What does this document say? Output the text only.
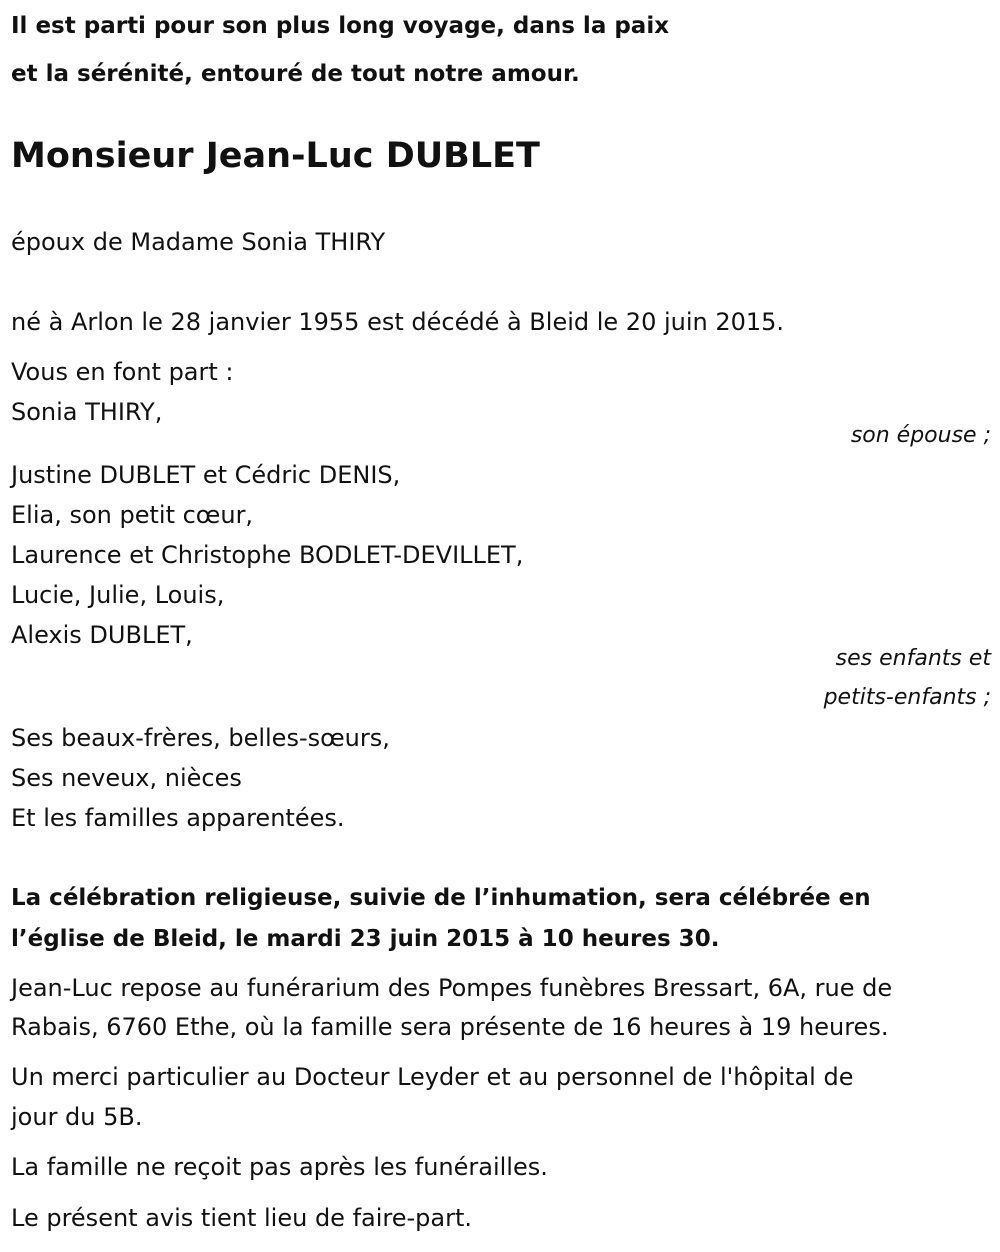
Il est parti pour son plus long voyage, dans la paix

et la sérénité, entouré de tout notre amour.

Monsieur Jean-Luc DUBLET

époux de Madame Sonia THIRY

né à Arlon le 28 janvier 1955 est décédé à Bleid le 20 juin 2015.

Vous en font part :

Sonia THIRY,

son épouse ;

Justine DUBLET et Cédric DENIS,

Elia, son petit cœur,

Laurence et Christophe BODLET-DEVILLET,

Lucie, Julie, Louis,

Alexis DUBLET,

ses enfants et

petits-enfants ;

Ses beaux-frères, belles-sœurs,

Ses neveux, nièces

Et les familles apparentées.

La célébration religieuse, suivie de l’inhumation, sera célébrée en

l’église de Bleid, le mardi 23 juin 2015 à 10 heures 30.

Jean-Luc repose au funérarium des Pompes funèbres Bressart, 6A, rue de

Rabais, 6760 Ethe, où la famille sera présente de 16 heures à 19 heures.

Un merci particulier au Docteur Leyder et au personnel de l'hôpital de

jour du 5B.

La famille ne reçoit pas après les funérailles.

Le présent avis tient lieu de faire-part.
